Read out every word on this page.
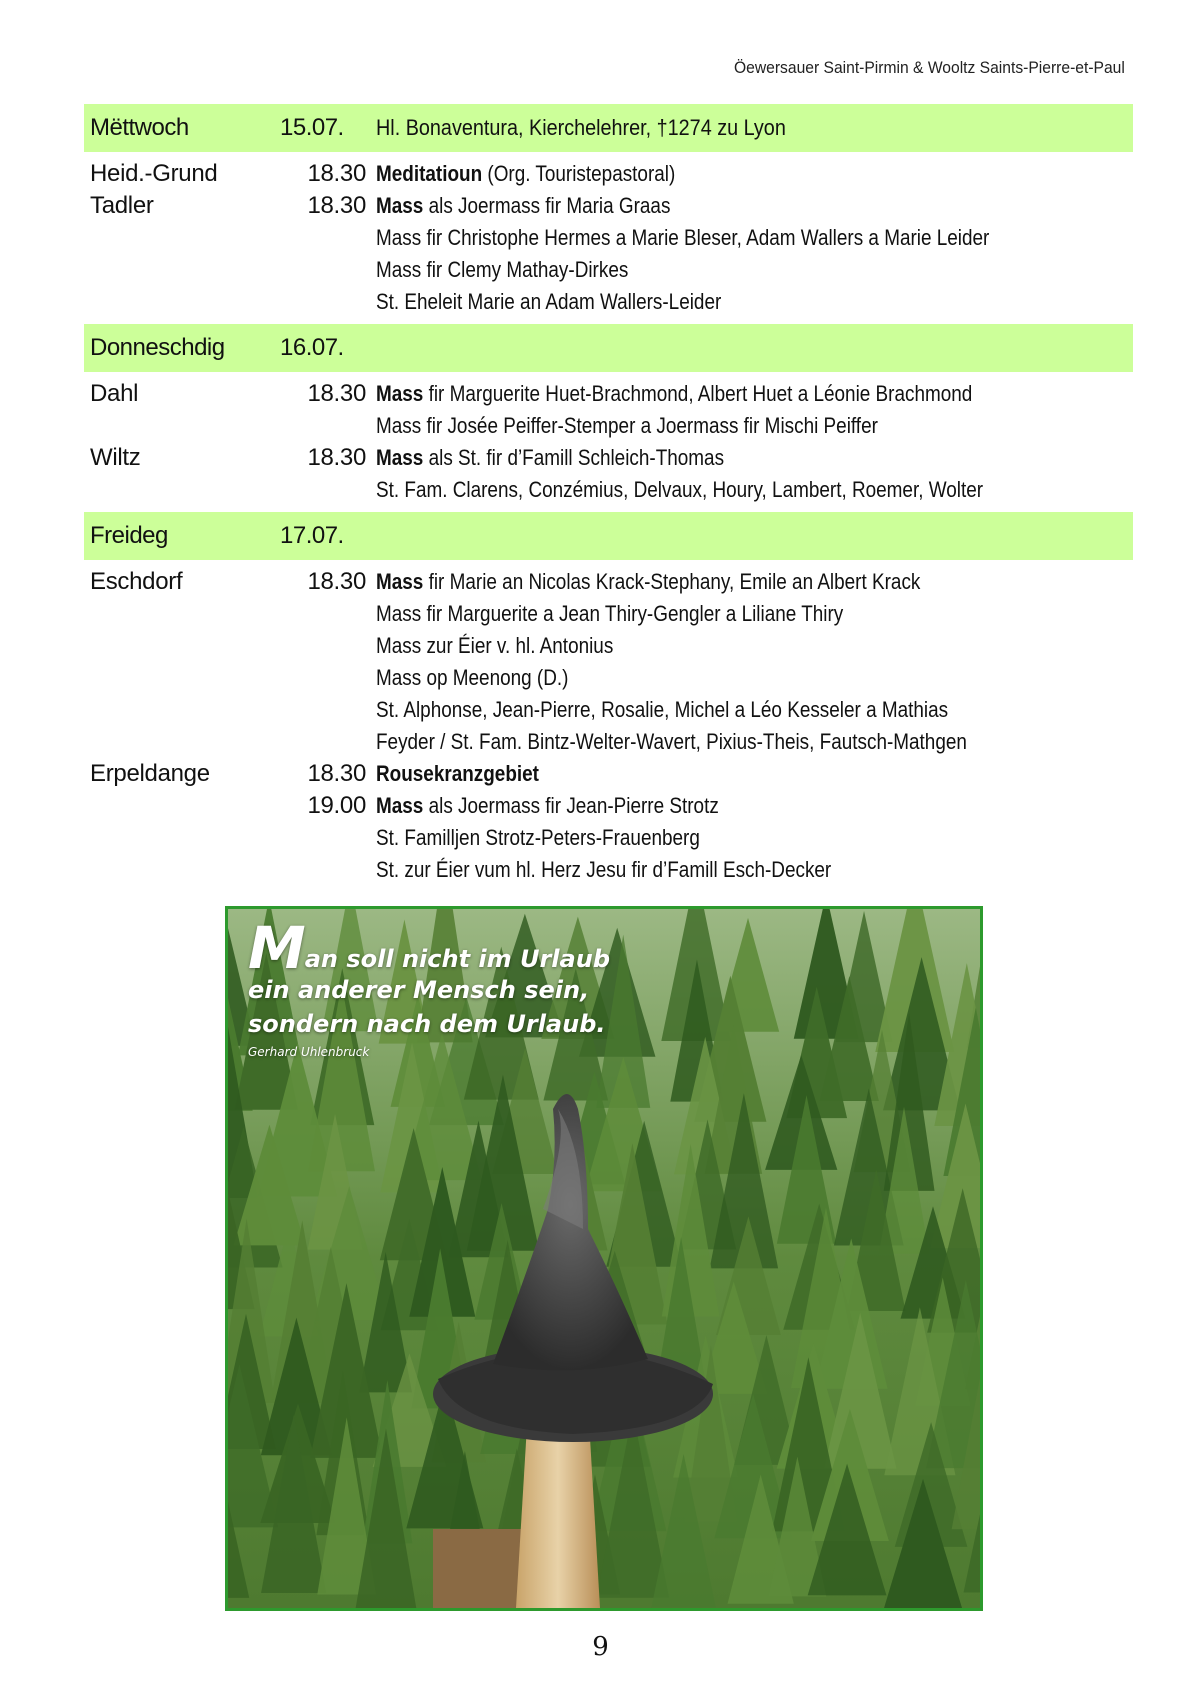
Öewersauer Saint-Pirmin & Wooltz Saints-Pierre-et-Paul
Mëttwoch	15.07.	Hl. Bonaventura, Kierchelehrer, †1274 zu Lyon
Heid.-Grund	18.30 Meditatioun (Org. Touristepastoral)
Tadler	18.30 Mass als Joermass fir Maria Graas
Mass fir Christophe Hermes a Marie Bleser, Adam Wallers a Marie Leider
Mass fir Clemy Mathay-Dirkes
St. Eheleit Marie an Adam Wallers-Leider
Donneschdig	16.07.
Dahl	18.30 Mass fir Marguerite Huet-Brachmond, Albert Huet a Léonie Brachmond
Mass fir Josée Peiffer-Stemper a Joermass fir Mischi Peiffer
Wiltz	18.30 Mass als St. fir d’Famill Schleich-Thomas
St. Fam. Clarens, Conzémius, Delvaux, Houry, Lambert, Roemer, Wolter
Freideg	17.07.
Eschdorf	18.30 Mass fir Marie an Nicolas Krack-Stephany, Emile an Albert Krack
Mass fir Marguerite a Jean Thiry-Gengler a Liliane Thiry
Mass zur Éier v. hl. Antonius
Mass op Meenong (D.)
St. Alphonse, Jean-Pierre, Rosalie, Michel a Léo Kesseler a Mathias
Feyder / St. Fam. Bintz-Welter-Wavert, Pixius-Theis, Fautsch-Mathgen
Erpeldange	18.30 Rousekranzgebiet
19.00 Mass als Joermass fir Jean-Pierre Strotz
St. Familljen Strotz-Peters-Frauenberg
St. zur Éier vum hl. Herz Jesu fir d’Famill Esch-Decker
M an soll nicht im Urlaub
ein anderer Mensch sein,
sondern nach dem Urlaub.
Gerhard Uhlenbruck
9
